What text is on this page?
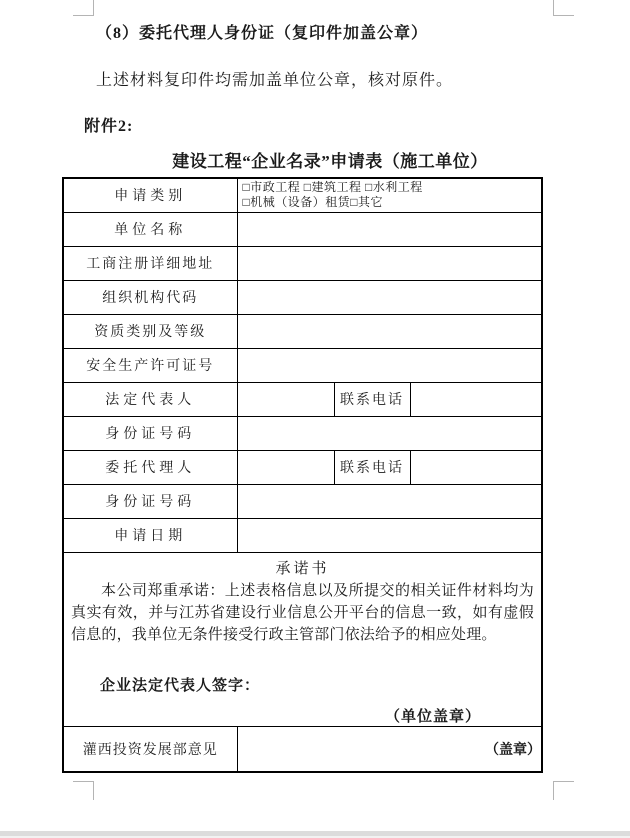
（8）委托代理人身份证（复印件加盖公章）
上述材料复印件均需加盖单位公章，核对原件。
附件2:
建设工程“企业名录”申请表（施工单位）
申请类别	□市政工程 □建筑工程 □水利工程
□机械（设备）租赁□其它		

单位名称			
工商注册详细地址			
组织机构代码			
资质类别及等级			
安全生产许可证号			
法定代表人		联系电话	
身份证号码			
委托代理人		联系电话	
身份证号码			
申请日期			

承诺书
本公司郑重承诺：上述表格信息以及所提交的相关证件材料均为真实有效，并与江苏省建设行业信息公开平台的信息一致，如有虚假信息的，我单位无条件接受行政主管部门依法给予的相应处理。
企业法定代表人签字：
（单位盖章）			

灌西投资发展部意见	（盖章）		
